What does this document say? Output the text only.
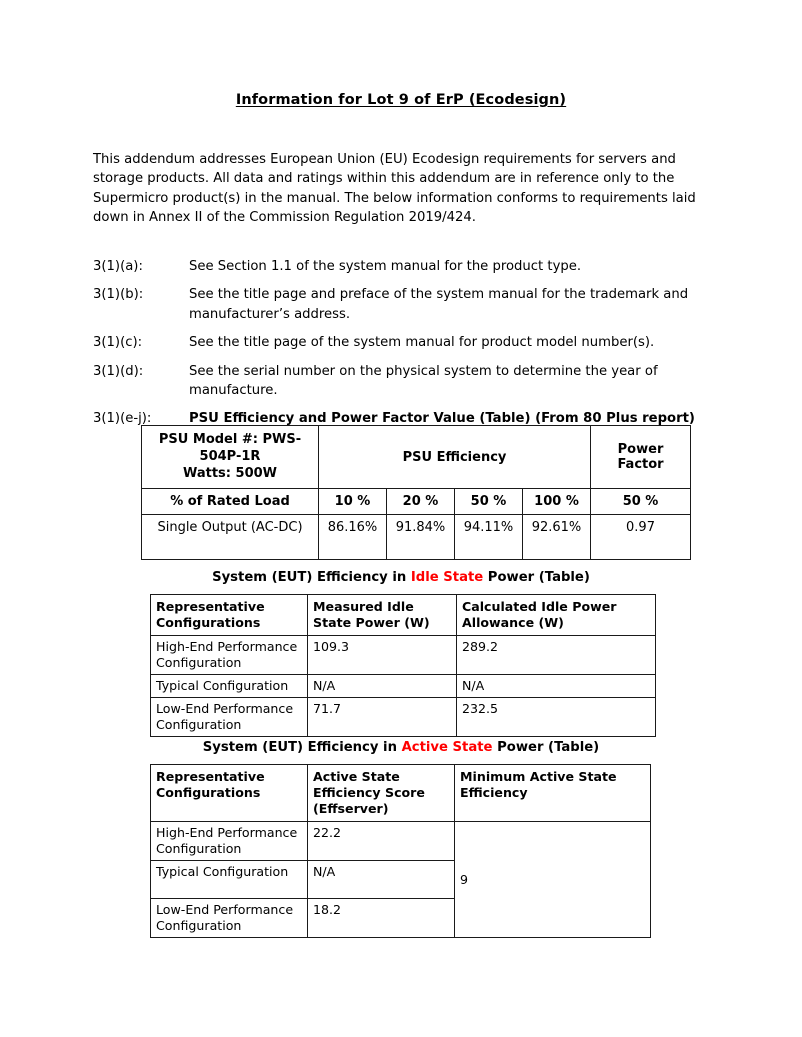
Information for Lot 9 of ErP (Ecodesign)
This addendum addresses European Union (EU) Ecodesign requirements for servers and storage products. All data and ratings within this addendum are in reference only to the Supermicro product(s) in the manual. The below information conforms to requirements laid down in Annex II of the Commission Regulation 2019/424.
3(1)(a):	See Section 1.1 of the system manual for the product type.
3(1)(b):	See the title page and preface of the system manual for the trademark and manufacturer’s address.
3(1)(c):	See the title page of the system manual for product model number(s).
3(1)(d):	See the serial number on the physical system to determine the year of manufacture.
3(1)(e-j):	PSU Efficiency and Power Factor Value (Table) (From 80 Plus report)
PSU Model #: PWS-504P-1R
Watts: 500W	PSU Efficiency				Power Factor
% of Rated Load	10 %	20 %	50 %	100 %	50 %
Single Output (AC-DC)	86.16%	91.84%	94.11%	92.61%	0.97
System (EUT) Efficiency in Idle State Power (Table)
Representative Configurations	Measured Idle State Power (W)	Calculated Idle Power Allowance (W)
High-End Performance Configuration	109.3	289.2
Typical Configuration	N/A	N/A
Low-End Performance Configuration	71.7	232.5
System (EUT) Efficiency in Active State Power (Table)
Representative Configurations	Active State Efficiency Score (Effserver)	Minimum Active State Efficiency
High-End Performance Configuration	22.2	9
Typical Configuration	N/A	
Low-End Performance Configuration	18.2	
